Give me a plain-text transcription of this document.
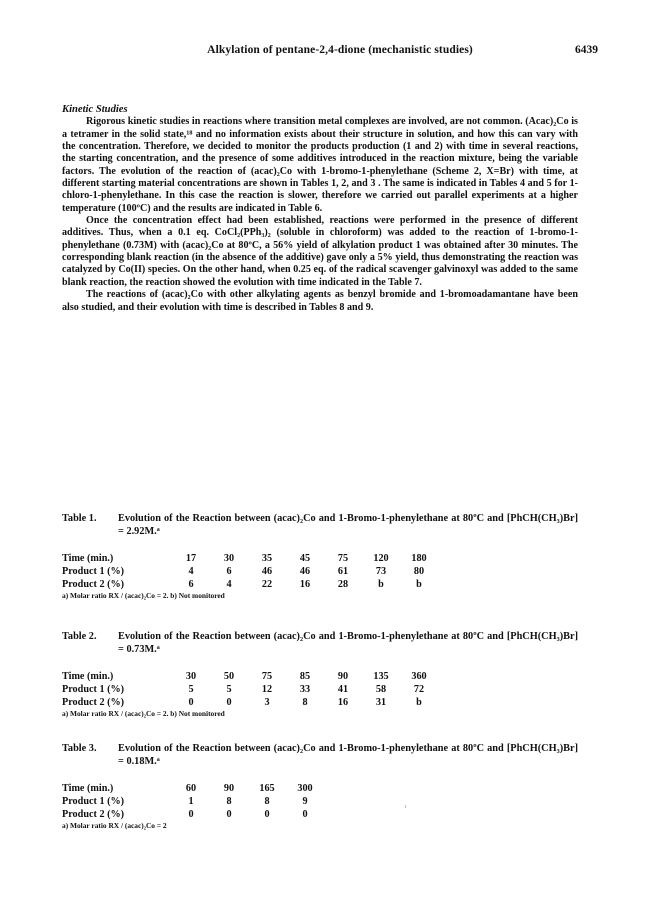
Alkylation of pentane-2,4-dione (mechanistic studies)	6439
Kinetic Studies

Rigorous kinetic studies in reactions where transition metal complexes are involved, are not common. (Acac)₂Co is a tetramer in the solid state,¹⁸ and no information exists about their structure in solution, and how this can vary with the concentration. Therefore, we decided to monitor the products production (1 and 2) with time in several reactions, the starting concentration, and the presence of some additives introduced in the reaction mixture, being the variable factors. The evolution of the reaction of (acac)₂Co with 1-bromo-1-phenylethane (Scheme 2, X=Br) with time, at different starting material concentrations are shown in Tables 1, 2, and 3 . The same is indicated in Tables 4 and 5 for 1-chloro-1-phenylethane. In this case the reaction is slower, therefore we carried out parallel experiments at a higher temperature (100ºC) and the results are indicated in Table 6.

Once the concentration effect had been established, reactions were performed in the presence of different additives. Thus, when a 0.1 eq. CoCl₂(PPh₃)₂ (soluble in chloroform) was added to the reaction of 1-bromo-1-phenylethane (0.73M) with (acac)₂Co at 80ºC, a 56% yield of alkylation product 1 was obtained after 30 minutes. The corresponding blank reaction (in the absence of the additive) gave only a 5% yield, thus demonstrating the reaction was catalyzed by Co(II) species. On the other hand, when 0.25 eq. of the radical scavenger galvinoxyl was added to the same blank reaction, the reaction showed the evolution with time indicated in the Table 7.

The reactions of (acac)₂Co with other alkylating agents as benzyl bromide and 1-bromoadamantane have been also studied, and their evolution with time is described in Tables 8 and 9.

Table 1.	Evolution of the Reaction between (acac)₂Co and 1-Bromo-1-phenylethane at 80ºC and [PhCH(CH₃)Br] = 2.92M.ᵃ
Time (min.)	17	30	35	45	75	120	180
Product 1 (%)	4	6	46	46	61	73	80
Product 2 (%)	6	4	22	16	28	b	b
a) Molar ratio RX / (acac)₂Co = 2. b) Not monitored
Table 2.	Evolution of the Reaction between (acac)₂Co and 1-Bromo-1-phenylethane at 80ºC and [PhCH(CH₃)Br] = 0.73M.ᵃ
Time (min.)	30	50	75	85	90	135	360
Product 1 (%)	5	5	12	33	41	58	72
Product 2 (%)	0	0	3	8	16	31	b
a) Molar ratio RX / (acac)₂Co = 2. b) Not monitored
Table 3.	Evolution of the Reaction between (acac)₂Co and 1-Bromo-1-phenylethane at 80ºC and [PhCH(CH₃)Br] = 0.18M.ᵃ
Time (min.)	60	90	165	300
Product 1 (%)	1	8	8	9
Product 2 (%)	0	0	0	0
a) Molar ratio RX / (acac)₂Co = 2
